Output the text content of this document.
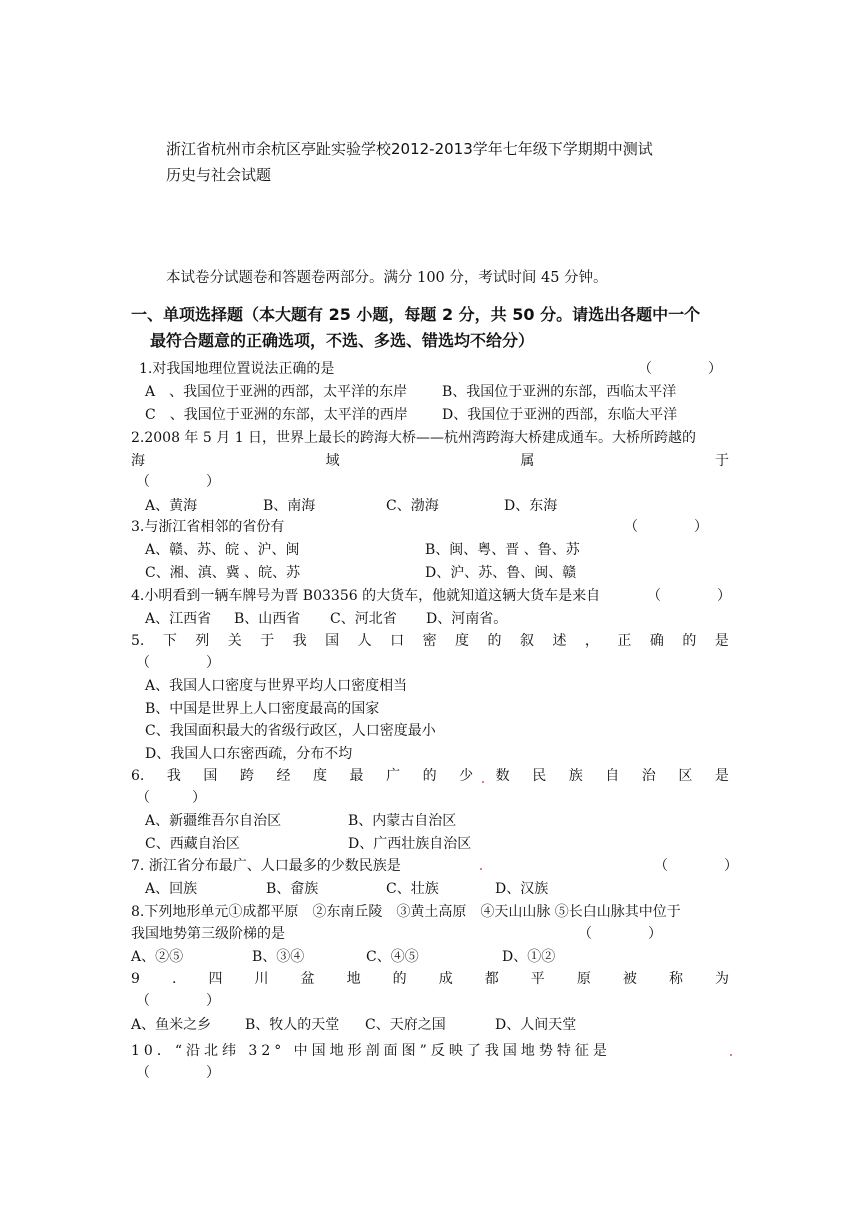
浙江省杭州市余杭区亭趾实验学校2012-2013学年七年级下学期期中测试
历史与社会试题
本试卷分试题卷和答题卷两部分。满分 100 分，考试时间 45 分钟。
一、单项选择题（本大题有 25 小题，每题 2 分，共 50 分。请选出各题中一个
最符合题意的正确选项，不选、多选、错选均不给分）
1.对我国地理位置说法正确的是	（　　　　）
A　、我国位于亚洲的西部，太平洋的东岸 B、我国位于亚洲的东部，西临太平洋
C　、我国位于亚洲的东部，太平洋的西岸 D、我国位于亚洲的西部，东临大平洋
2.2008 年 5 月 1 日，世界上最长的跨海大桥——杭州湾跨海大桥建成通车。大桥所跨越的
海	域	属	于
（　　　　）
A、黄海	B、南海	C、渤海	D、东海
3.与浙江省相邻的省份有	（　　　　）
A、赣、苏、皖 、沪、闽	B、闽、粤、晋 、鲁、苏
C、湘、滇、冀 、皖、苏	D、沪、苏、鲁、闽、赣
4.小明看到一辆车牌号为晋 B03356 的大货车，他就知道这辆大货车是来自	（　　　　）
A、江西省 B、山西省 C、河北省 D、河南省。
5. 下 列 关 于 我 国 人 口 密 度 的 叙 述 ， 正 确 的 是
（　　　　）
A、我国人口密度与世界平均人口密度相当
B、中国是世界上人口密度最高的国家
C、我国面积最大的省级行政区，人口密度最小
D、我国人口东密西疏，分布不均
6. 我 国 跨 经 度 最 广 的 少 数 民 族 自 治 区 是
（　　　）
A、新疆维吾尔自治区	B、内蒙古自治区
C、西藏自治区	D、广西壮族自治区
7. 浙江省分布最广、人口最多的少数民族是	（　　　　）
A、回族	B、畲族	C、壮族	D、汉族
8.下列地形单元①成都平原　②东南丘陵　③黄土高原　④天山山脉 ⑤长白山脉其中位于
我国地势第三级阶梯的是	（　　　　）
A、②⑤	B、③④	C、④⑤	D、①②
9 . 四 川 盆 地 的 成 都 平 原 被 称 为
（　　　　）
A、鱼米之乡 B、牧人的天堂 C、天府之国	D、人间天堂
10．“沿北纬 32° 中国地形剖面图”反映了我国地势特征是
（　　　　）
